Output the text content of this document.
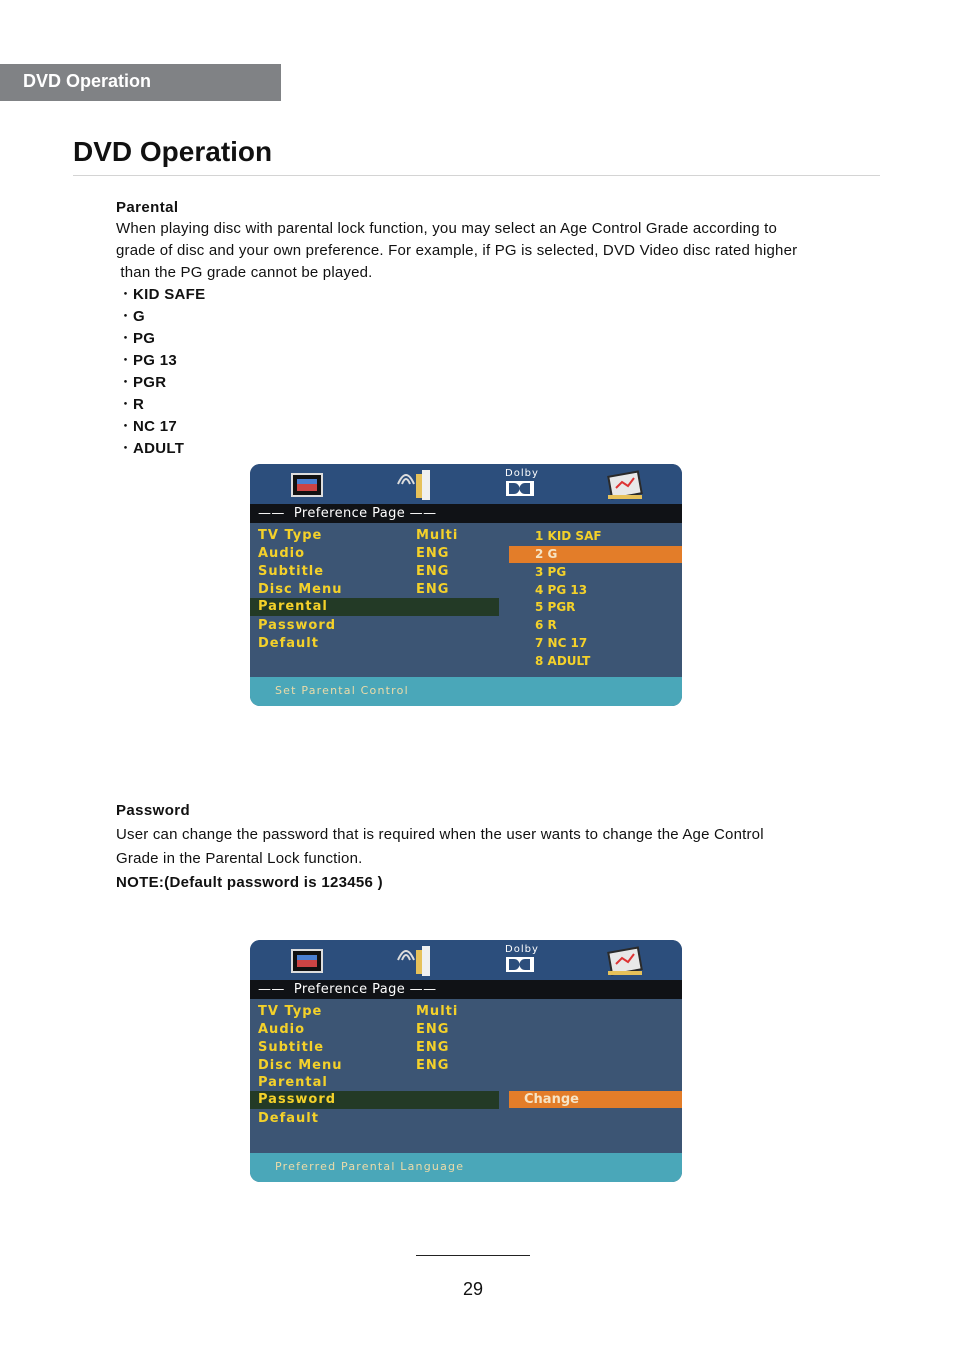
DVD Operation
DVD Operation
Parental
When playing disc with parental lock function, you may select an Age Control Grade according to
grade of disc and your own preference. For example, if PG is selected, DVD Video disc rated higher
than the PG grade cannot be played.
・KID SAFE
・G
・PG
・PG 13
・PGR
・R
・NC 17
・ADULT
Dolby
——  Preference Page ——
TV Type	Multi
Audio	ENG
Subtitle	ENG
Disc Menu	ENG
Parental
Password
Default
1 KID SAF
2 G
3 PG
4 PG 13
5 PGR
6 R
7 NC 17
8 ADULT
Set Parental Control
Password
User can change the password that is required when the user wants to change the Age Control
Grade in the Parental Lock function.
NOTE:(Default password is 123456 )
Dolby
——  Preference Page ——
TV Type	Multi
Audio	ENG
Subtitle	ENG
Disc Menu	ENG
Parental
Password
Default
Change
Preferred Parental Language
29
